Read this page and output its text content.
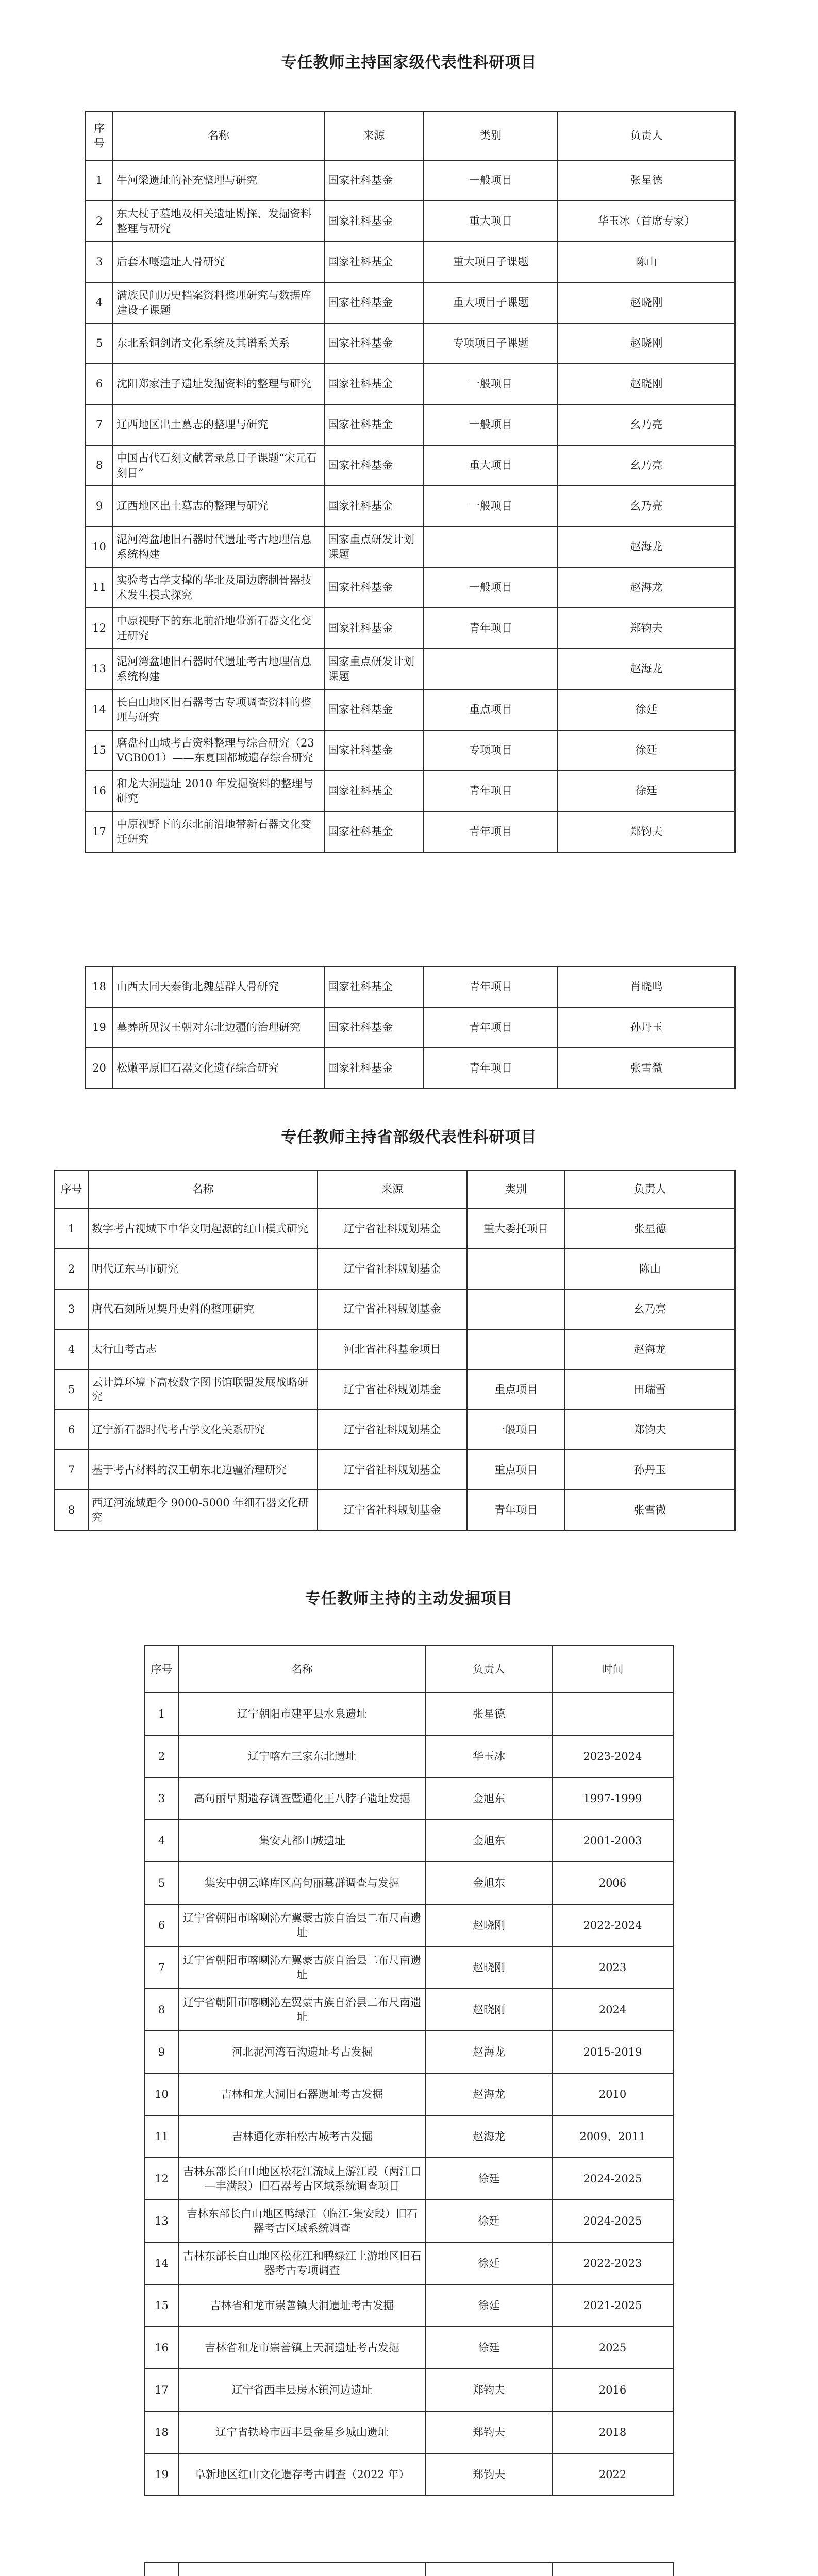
专任教师主持国家级代表性科研项目
序号	名称	来源	类别	负责人
1	牛河梁遗址的补充整理与研究	国家社科基金	一般项目	张星德
2	东大杖子墓地及相关遗址勘探、发掘资料整理与研究	国家社科基金	重大项目	华玉冰（首席专家）
3	后套木嘎遗址人骨研究	国家社科基金	重大项目子课题	陈山
4	满族民间历史档案资料整理研究与数据库建设子课题	国家社科基金	重大项目子课题	赵晓刚
5	东北系铜剑诸文化系统及其谱系关系	国家社科基金	专项项目子课题	赵晓刚
6	沈阳郑家洼子遗址发掘资料的整理与研究	国家社科基金	一般项目	赵晓刚
7	辽西地区出土墓志的整理与研究	国家社科基金	一般项目	幺乃亮
8	中国古代石刻文献著录总目子课题“宋元石刻目”	国家社科基金	重大项目	幺乃亮
9	辽西地区出土墓志的整理与研究	国家社科基金	一般项目	幺乃亮
10	泥河湾盆地旧石器时代遗址考古地理信息系统构建	国家重点研发计划课题		赵海龙
11	实验考古学支撑的华北及周边磨制骨器技术发生模式探究	国家社科基金	一般项目	赵海龙
12	中原视野下的东北前沿地带新石器文化变迁研究	国家社科基金	青年项目	郑钧夫
13	泥河湾盆地旧石器时代遗址考古地理信息系统构建	国家重点研发计划课题		赵海龙
14	长白山地区旧石器考古专项调查资料的整理与研究	国家社科基金	重点项目	徐廷
15	磨盘村山城考古资料整理与综合研究（23VGB001）——东夏国都城遗存综合研究	国家社科基金	专项项目	徐廷
16	和龙大洞遗址 2010 年发掘资料的整理与研究	国家社科基金	青年项目	徐廷
17	中原视野下的东北前沿地带新石器文化变迁研究	国家社科基金	青年项目	郑钧夫
18	山西大同天泰街北魏墓群人骨研究	国家社科基金	青年项目	肖晓鸣
19	墓葬所见汉王朝对东北边疆的治理研究	国家社科基金	青年项目	孙丹玉
20	松嫩平原旧石器文化遗存综合研究	国家社科基金	青年项目	张雪微
专任教师主持省部级代表性科研项目
序号	名称	来源	类别	负责人
1	数字考古视域下中华文明起源的红山模式研究	辽宁省社科规划基金	重大委托项目	张星德
2	明代辽东马市研究	辽宁省社科规划基金		陈山
3	唐代石刻所见契丹史料的整理研究	辽宁省社科规划基金		幺乃亮
4	太行山考古志	河北省社科基金项目		赵海龙
5	云计算环境下高校数字图书馆联盟发展战略研究	辽宁省社科规划基金	重点项目	田瑞雪
6	辽宁新石器时代考古学文化关系研究	辽宁省社科规划基金	一般项目	郑钧夫
7	基于考古材料的汉王朝东北边疆治理研究	辽宁省社科规划基金	重点项目	孙丹玉
8	西辽河流域距今 9000-5000 年细石器文化研究	辽宁省社科规划基金	青年项目	张雪微
专任教师主持的主动发掘项目
序号	名称	负责人	时间
1	辽宁朝阳市建平县水泉遗址	张星德	
2	辽宁喀左三家东北遗址	华玉冰	2023-2024
3	高句丽早期遗存调查暨通化王八脖子遗址发掘	金旭东	1997-1999
4	集安丸都山城遗址	金旭东	2001-2003
5	集安中朝云峰库区高句丽墓群调查与发掘	金旭东	2006
6	辽宁省朝阳市喀喇沁左翼蒙古族自治县二布尺南遗址	赵晓刚	2022-2024
7	辽宁省朝阳市喀喇沁左翼蒙古族自治县二布尺南遗址	赵晓刚	2023
8	辽宁省朝阳市喀喇沁左翼蒙古族自治县二布尺南遗址	赵晓刚	2024
9	河北泥河湾石沟遗址考古发掘	赵海龙	2015-2019
10	吉林和龙大洞旧石器遗址考古发掘	赵海龙	2010
11	吉林通化赤柏松古城考古发掘	赵海龙	2009、2011
12	吉林东部长白山地区松花江流域上游江段（两江口—丰满段）旧石器考古区域系统调查项目	徐廷	2024-2025
13	吉林东部长白山地区鸭绿江（临江-集安段）旧石器考古区域系统调查	徐廷	2024-2025
14	吉林东部长白山地区松花江和鸭绿江上游地区旧石器考古专项调查	徐廷	2022-2023
15	吉林省和龙市崇善镇大洞遗址考古发掘	徐廷	2021-2025
16	吉林省和龙市崇善镇上天洞遗址考古发掘	徐廷	2025
17	辽宁省西丰县房木镇河边遗址	郑钧夫	2016
18	辽宁省铁岭市西丰县金星乡城山遗址	郑钧夫	2018
19	阜新地区红山文化遗存考古调查（2022 年）	郑钧夫	2022
